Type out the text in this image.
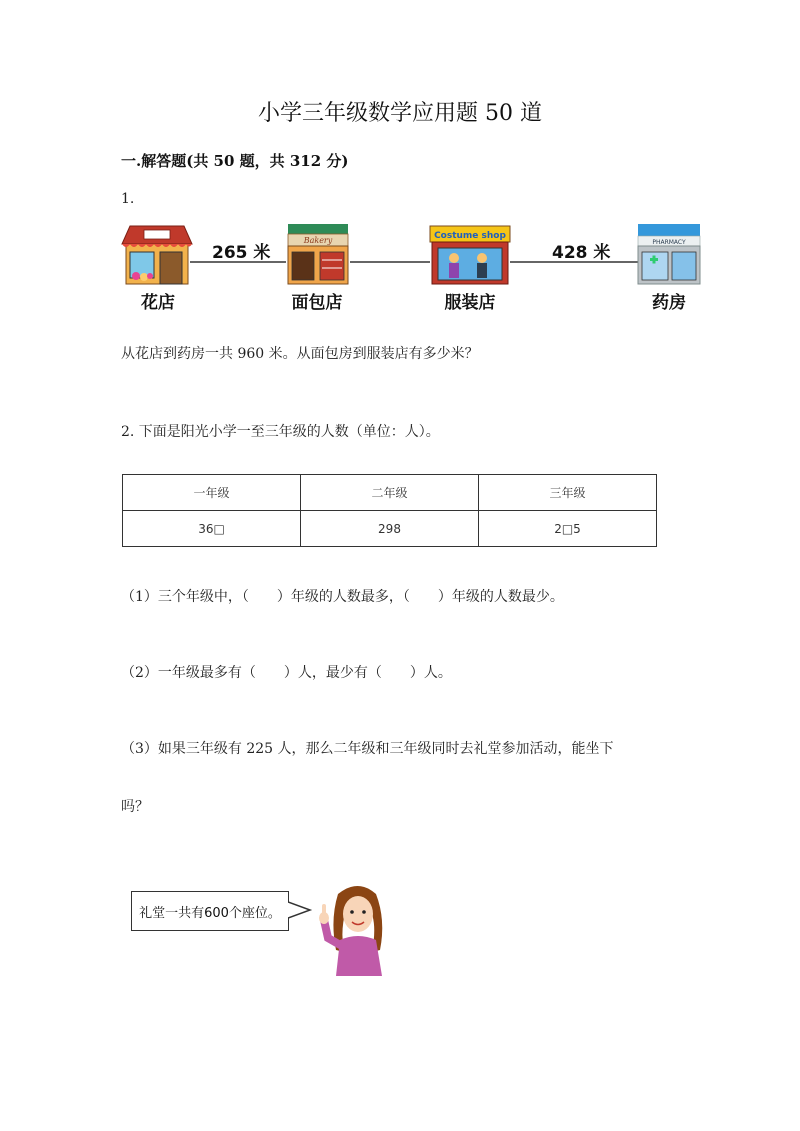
小学三年级数学应用题 50 道
一.解答题(共 50 题，共 312 分)
1.
Bakery	Costume shop
PHARMACY
265 米	428 米
花店	面包店	服装店	药房
从花店到药房一共 960 米。从面包房到服装店有多少米？
2. 下面是阳光小学一至三年级的人数（单位：人）。
一年级	二年级	三年级
36□	298	2□5
（1）三个年级中，（　　）年级的人数最多，（　　）年级的人数最少。
（2）一年级最多有（　　）人，最少有（　　）人。
（3）如果三年级有 225 人，那么二年级和三年级同时去礼堂参加活动，能坐下
吗？
礼堂一共有600个座位。
